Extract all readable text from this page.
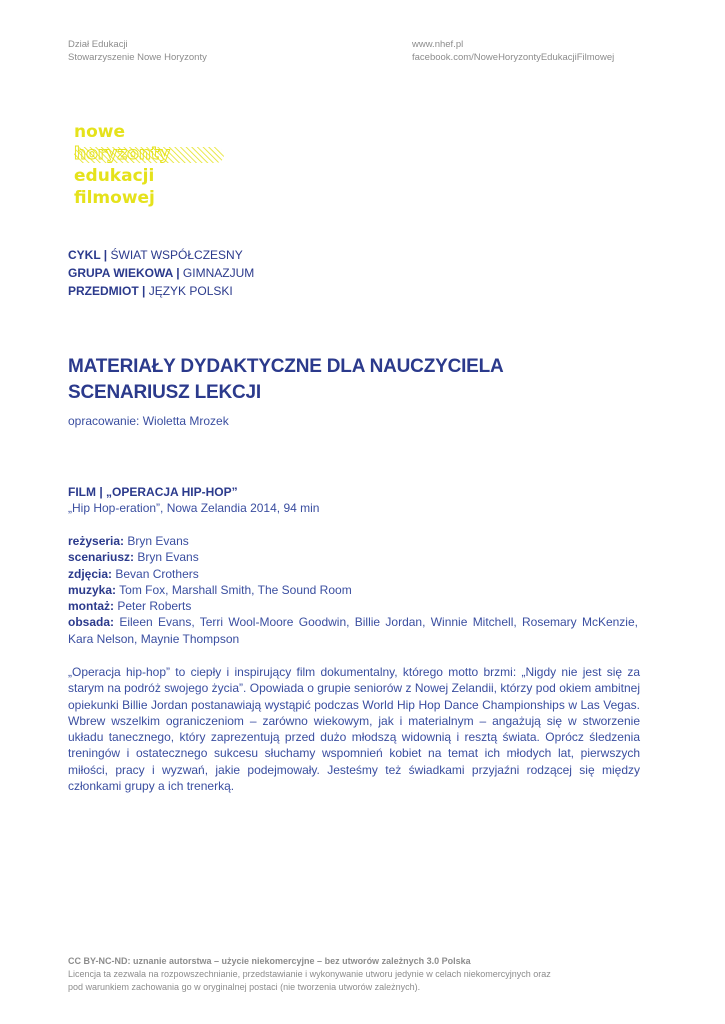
Dział Edukacji
Stowarzyszenie Nowe Horyzonty
www.nhef.pl
facebook.com/NoweHoryzontyEdukacjiFilmowej
nowe
horyzonty
edukacji
filmowej
CYKL | ŚWIAT WSPÓŁCZESNY
GRUPA WIEKOWA | GIMNAZJUM
PRZEDMIOT | JĘZYK POLSKI
MATERIAŁY DYDAKTYCZNE DLA NAUCZYCIELA
SCENARIUSZ LEKCJI
opracowanie: Wioletta Mrozek
FILM | „OPERACJA HIP-HOP”
„Hip Hop-eration”, Nowa Zelandia 2014, 94 min
reżyseria: Bryn Evans
scenariusz: Bryn Evans
zdjęcia: Bevan Crothers
muzyka: Tom Fox, Marshall Smith, The Sound Room
montaż: Peter Roberts
obsada: Eileen Evans, Terri Wool-Moore Goodwin, Billie Jordan, Winnie Mitchell, Rosemary McKenzie, Kara Nelson, Maynie Thompson
„Operacja hip-hop” to ciepły i inspirujący film dokumentalny, którego motto brzmi: „Nigdy nie jest się za starym na podróż swojego życia”. Opowiada o grupie seniorów z Nowej Zelandii, którzy pod okiem ambitnej opiekunki Billie Jordan postanawiają wystąpić podczas World Hip Hop Dance Championships w Las Vegas. Wbrew wszelkim ograniczeniom – zarówno wiekowym, jak i materialnym – angażują się w stworzenie układu tanecznego, który zaprezentują przed dużo młodszą widownią i resztą świata. Oprócz śledzenia treningów i ostatecznego sukcesu słuchamy wspomnień kobiet na temat ich młodych lat, pierwszych miłości, pracy i wyzwań, jakie podejmowały. Jesteśmy też świadkami przyjaźni rodzącej się między członkami grupy a ich trenerką.
CC BY-NC-ND: uznanie autorstwa – użycie niekomercyjne – bez utworów zależnych 3.0 Polska
Licencja ta zezwala na rozpowszechnianie, przedstawianie i wykonywanie utworu jedynie w celach niekomercyjnych oraz
pod warunkiem zachowania go w oryginalnej postaci (nie tworzenia utworów zależnych).
